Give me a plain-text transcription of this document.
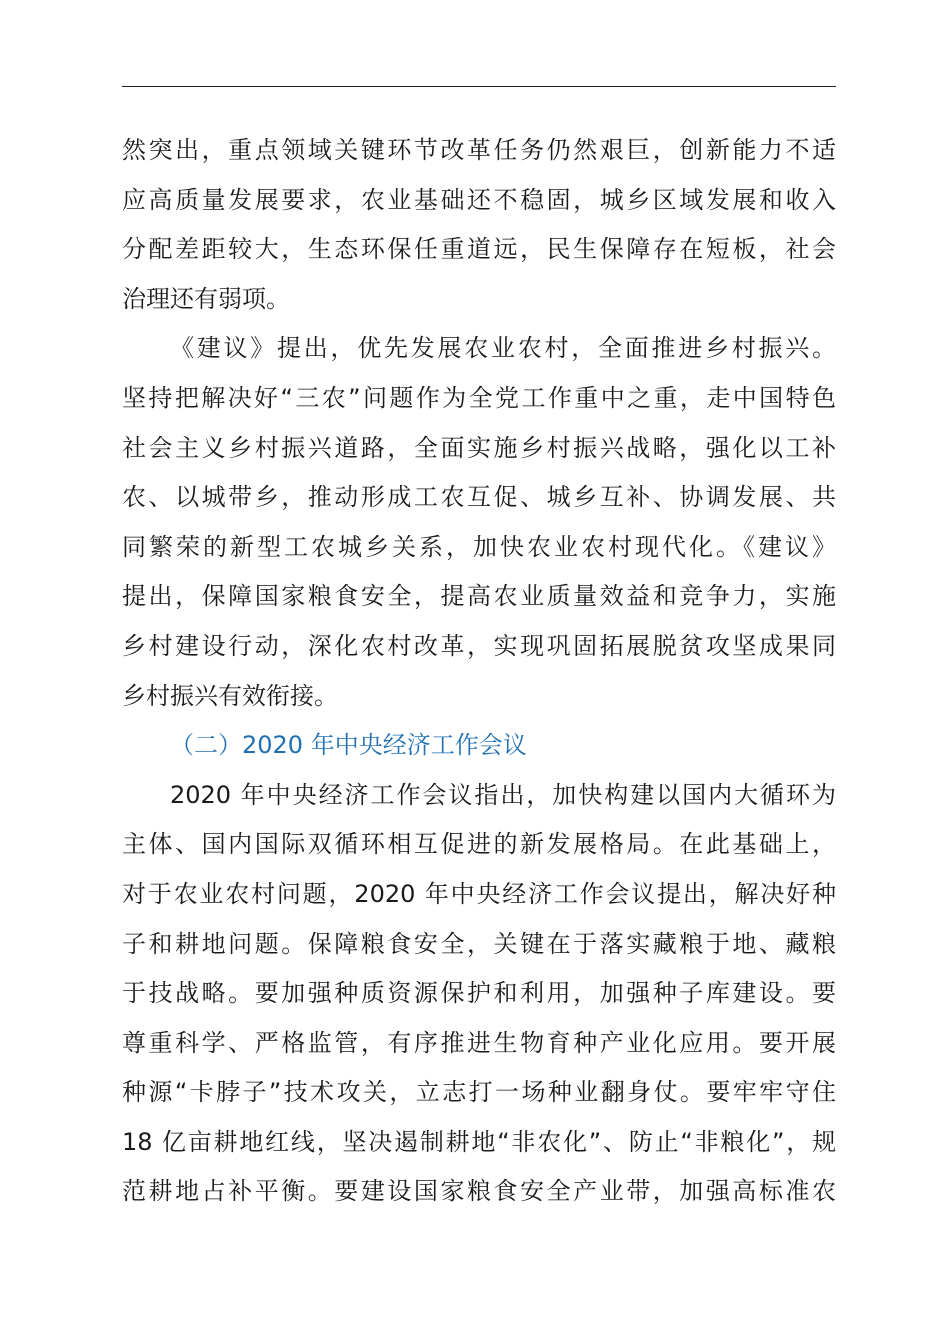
然突出，重点领域关键环节改革任务仍然艰巨，创新能力不适
应高质量发展要求，农业基础还不稳固，城乡区域发展和收入
分配差距较大，生态环保任重道远，民生保障存在短板，社会
治理还有弱项。
《建议》提出，优先发展农业农村，全面推进乡村振兴。
坚持把解决好“三农”问题作为全党工作重中之重，走中国特色
社会主义乡村振兴道路，全面实施乡村振兴战略，强化以工补
农、以城带乡，推动形成工农互促、城乡互补、协调发展、共
同繁荣的新型工农城乡关系，加快农业农村现代化。《建议》
提出，保障国家粮食安全，提高农业质量效益和竞争力，实施
乡村建设行动，深化农村改革，实现巩固拓展脱贫攻坚成果同
乡村振兴有效衔接。
（二）2020 年中央经济工作会议
2020 年中央经济工作会议指出，加快构建以国内大循环为
主体、国内国际双循环相互促进的新发展格局。在此基础上，
对于农业农村问题，2020 年中央经济工作会议提出，解决好种
子和耕地问题。保障粮食安全，关键在于落实藏粮于地、藏粮
于技战略。要加强种质资源保护和利用，加强种子库建设。要
尊重科学、严格监管，有序推进生物育种产业化应用。要开展
种源“卡脖子”技术攻关，立志打一场种业翻身仗。要牢牢守住
18 亿亩耕地红线，坚决遏制耕地“非农化”、防止“非粮化”，规
范耕地占补平衡。要建设国家粮食安全产业带，加强高标准农
